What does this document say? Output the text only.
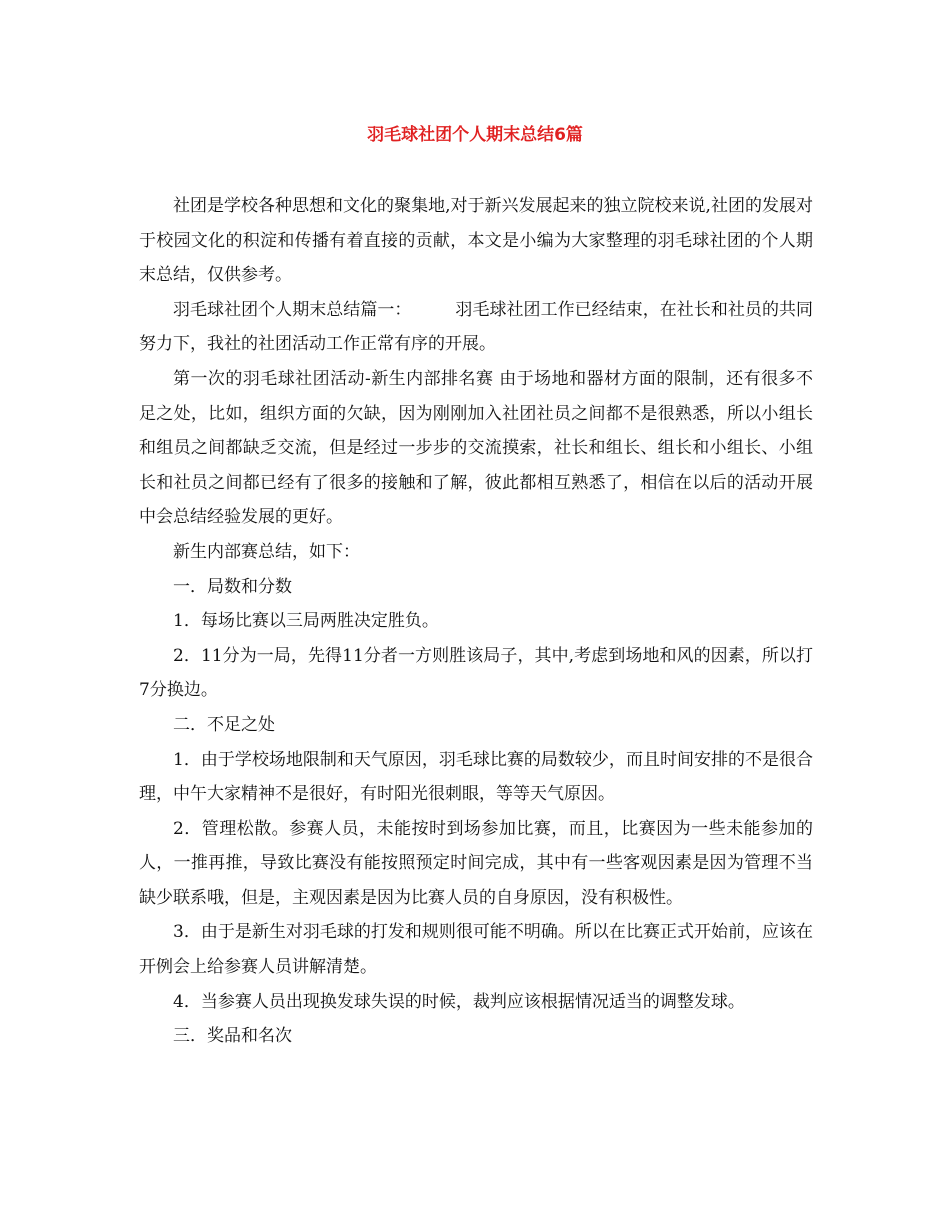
羽毛球社团个人期末总结6篇

社团是学校各种思想和文化的聚集地,对于新兴发展起来的独立院校来说,社团的发展对于校园文化的积淀和传播有着直接的贡献，本文是小编为大家整理的羽毛球社团的个人期末总结，仅供参考。

羽毛球社团个人期末总结篇一：	羽毛球社团工作已经结束，在社长和社员的共同努力下，我社的社团活动工作正常有序的开展。

第一次的羽毛球社团活动-新生内部排名赛 由于场地和器材方面的限制，还有很多不足之处，比如，组织方面的欠缺，因为刚刚加入社团社员之间都不是很熟悉，所以小组长和组员之间都缺乏交流，但是经过一步步的交流摸索，社长和组长、组长和小组长、小组长和社员之间都已经有了很多的接触和了解，彼此都相互熟悉了，相信在以后的活动开展中会总结经验发展的更好。

新生内部赛总结，如下：

一．局数和分数

1．每场比赛以三局两胜决定胜负。

2．11分为一局，先得11分者一方则胜该局子，其中,考虑到场地和风的因素，所以打7分换边。

二．不足之处

1．由于学校场地限制和天气原因，羽毛球比赛的局数较少，而且时间安排的不是很合理，中午大家精神不是很好，有时阳光很刺眼，等等天气原因。

2．管理松散。参赛人员，未能按时到场参加比赛，而且，比赛因为一些未能参加的人，一推再推，导致比赛没有能按照预定时间完成，其中有一些客观因素是因为管理不当缺少联系哦，但是，主观因素是因为比赛人员的自身原因，没有积极性。

3．由于是新生对羽毛球的打发和规则很可能不明确。所以在比赛正式开始前，应该在开例会上给参赛人员讲解清楚。

4．当参赛人员出现换发球失误的时候，裁判应该根据情况适当的调整发球。

三．奖品和名次
